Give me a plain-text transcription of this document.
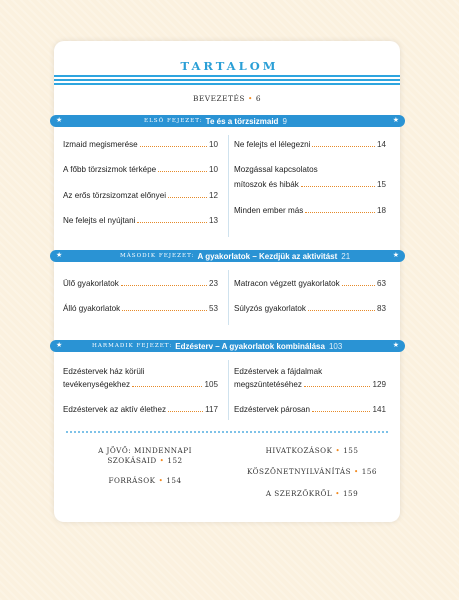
TARTALOM
BEVEZETÉS • 6
★	ELSŐ FEJEZET: Te és a törzsizmaid 9	★
Izmaid megismerése	10
A főbb törzsizmok térképe	10
Az erős törzsizomzat előnyei	12
Ne felejts el nyújtani	13
Ne felejts el lélegezni	14
Mozgással kapcsolatos
mítoszok és hibák	15
Minden ember más	18
★	MÁSODIK FEJEZET: A gyakorlatok – Kezdjük az aktivitást 21	★
Ülő gyakorlatok	23
Álló gyakorlatok	53
Matracon végzett gyakorlatok	63
Súlyzós gyakorlatok	83
★	HARMADIK FEJEZET: Edzésterv – A gyakorlatok kombinálása 103	★
Edzéstervek ház körüli
tevékenységekhez	105
Edzéstervek az aktív élethez	117
Edzéstervek a fájdalmak
megszüntetéséhez	129
Edzéstervek párosan	141
A JÖVŐ: MINDENNAPI
SZOKÁSAID • 152
FORRÁSOK • 154
HIVATKOZÁSOK • 155
KÖSZÖNETNYILVÁNÍTÁS • 156
A SZERZŐKRŐL • 159
